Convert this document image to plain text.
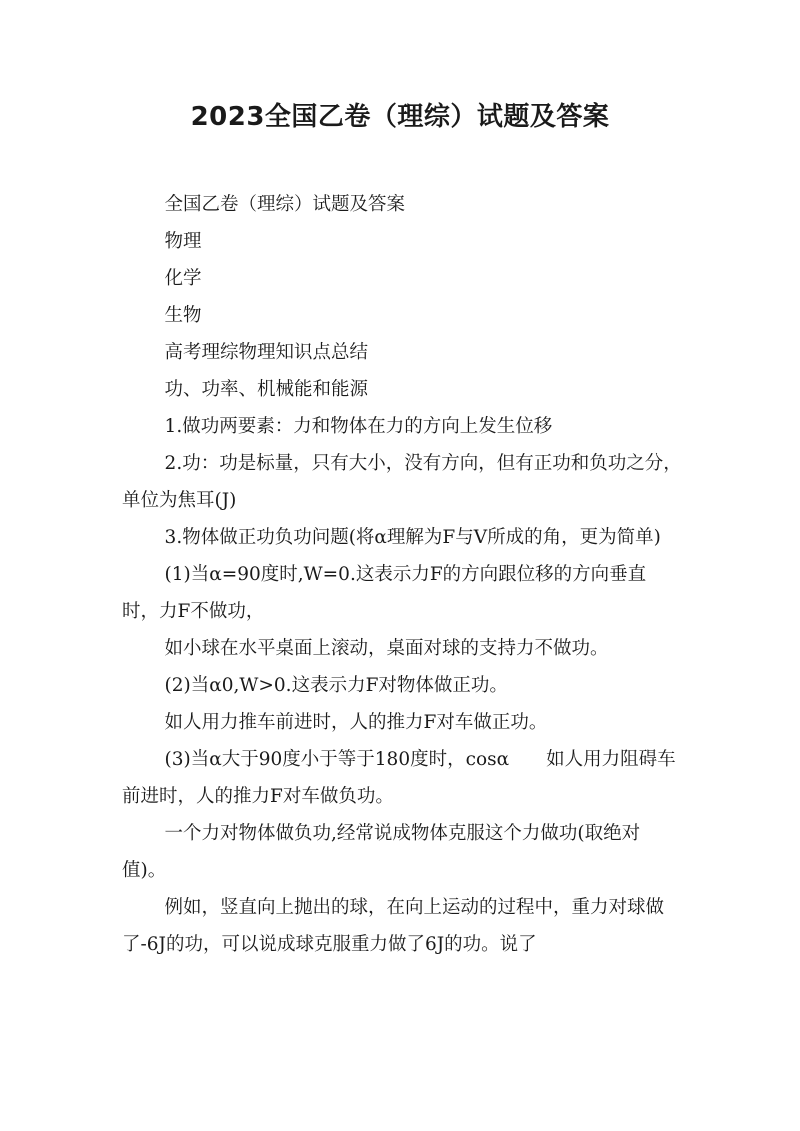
2023全国乙卷（理综）试题及答案

全国乙卷（理综）试题及答案

物理

化学

生物

高考理综物理知识点总结

功、功率、机械能和能源

1.做功两要素：力和物体在力的方向上发生位移

2.功：功是标量，只有大小，没有方向，但有正功和负功之分，单位为焦耳(J)

3.物体做正功负功问题(将α理解为F与V所成的角，更为简单)

(1)当α=90度时,W=0.这表示力F的方向跟位移的方向垂直时，力F不做功，

如小球在水平桌面上滚动，桌面对球的支持力不做功。

(2)当α0,W>0.这表示力F对物体做正功。

如人用力推车前进时，人的推力F对车做正功。

(3)当α大于90度小于等于180度时，cosα　　如人用力阻碍车前进时，人的推力F对车做负功。

一个力对物体做负功,经常说成物体克服这个力做功(取绝对值)。

例如，竖直向上抛出的球，在向上运动的过程中，重力对球做了-6J的功，可以说成球克服重力做了6J的功。说了
